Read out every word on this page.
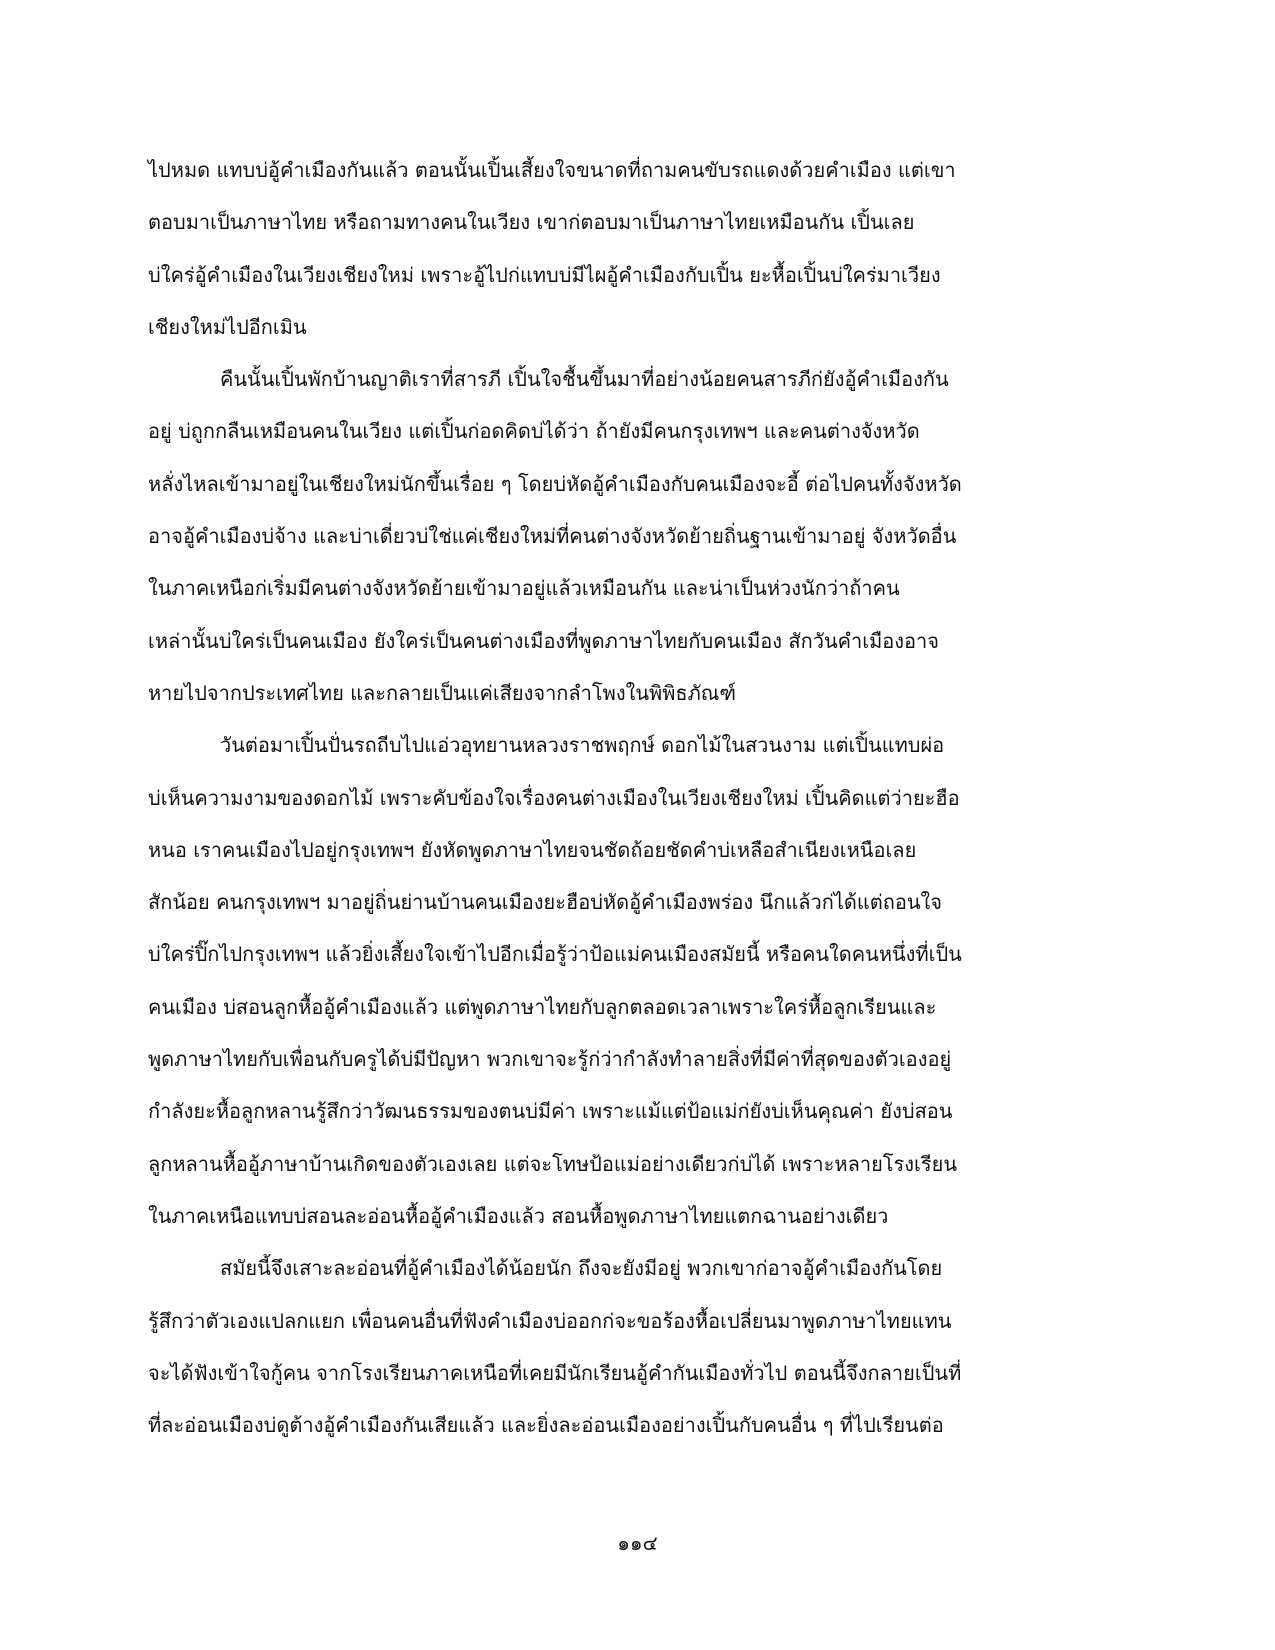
ไปหมด แทบบ่อู้คำเมืองกันแล้ว ตอนนั้นเปิ้นเสี้ยงใจขนาดที่ถามคนขับรถแดงด้วยคำเมือง แต่เขา
ตอบมาเป็นภาษาไทย หรือถามทางคนในเวียง เขาก่ตอบมาเป็นภาษาไทยเหมือนกัน เปิ้นเลย
บ่ใคร่อู้คำเมืองในเวียงเชียงใหม่ เพราะอู้ไปก่แทบบ่มีไผอู้คำเมืองกับเปิ้น ยะหื้อเปิ้นบ่ใคร่มาเวียง
เชียงใหม่ไปอีกเมิน
คืนนั้นเปิ้นพักบ้านญาติเราที่สารภี เปิ้นใจชื้นขึ้นมาที่อย่างน้อยคนสารภีก่ยังอู้คำเมืองกัน
อยู่ บ่ถูกกลืนเหมือนคนในเวียง แต่เปิ้นก่อดคิดบ่ได้ว่า ถ้ายังมีคนกรุงเทพฯ และคนต่างจังหวัด
หลั่งไหลเข้ามาอยู่ในเชียงใหม่นักขึ้นเรื่อย ๆ โดยบ่หัดอู้คำเมืองกับคนเมืองจะอี้ ต่อไปคนทั้งจังหวัด
อาจอู้คำเมืองบ่จ้าง และบ่าเดี่ยวบ่ใช่แค่เชียงใหม่ที่คนต่างจังหวัดย้ายถิ่นฐานเข้ามาอยู่ จังหวัดอื่น
ในภาคเหนือก่เริ่มมีคนต่างจังหวัดย้ายเข้ามาอยู่แล้วเหมือนกัน และน่าเป็นห่วงนักว่าถ้าคน
เหล่านั้นบ่ใคร่เป็นคนเมือง ยังใคร่เป็นคนต่างเมืองที่พูดภาษาไทยกับคนเมือง สักวันคำเมืองอาจ
หายไปจากประเทศไทย และกลายเป็นแค่เสียงจากลำโพงในพิพิธภัณฑ์
วันต่อมาเปิ้นปั่นรถถีบไปแอ่วอุทยานหลวงราชพฤกษ์ ดอกไม้ในสวนงาม แต่เปิ้นแทบผ่อ
บ่เห็นความงามของดอกไม้ เพราะคับข้องใจเรื่องคนต่างเมืองในเวียงเชียงใหม่ เปิ้นคิดแต่ว่ายะฮือ
หนอ เราคนเมืองไปอยู่กรุงเทพฯ ยังหัดพูดภาษาไทยจนชัดถ้อยชัดคำบ่เหลือสำเนียงเหนือเลย
สักน้อย คนกรุงเทพฯ มาอยู่ถิ่นย่านบ้านคนเมืองยะฮือบ่หัดอู้คำเมืองพร่อง นึกแล้วก่ได้แต่ถอนใจ
บ่ใคร่ปิ๊กไปกรุงเทพฯ แล้วยิ่งเสี้ยงใจเข้าไปอีกเมื่อรู้ว่าป้อแม่คนเมืองสมัยนี้ หรือคนใดคนหนึ่งที่เป็น
คนเมือง บ่สอนลูกหื้ออู้คำเมืองแล้ว แต่พูดภาษาไทยกับลูกตลอดเวลาเพราะใคร่หื้อลูกเรียนและ
พูดภาษาไทยกับเพื่อนกับครูได้บ่มีปัญหา พวกเขาจะรู้ก่ว่ากำลังทำลายสิ่งที่มีค่าที่สุดของตัวเองอยู่
กำลังยะหื้อลูกหลานรู้สึกว่าวัฒนธรรมของตนบ่มีค่า เพราะแม้แต่ป้อแม่ก่ยังบ่เห็นคุณค่า ยังบ่สอน
ลูกหลานหื้ออู้ภาษาบ้านเกิดของตัวเองเลย แต่จะโทษป้อแม่อย่างเดียวก่บ่ได้ เพราะหลายโรงเรียน
ในภาคเหนือแทบบ่สอนละอ่อนหื้ออู้คำเมืองแล้ว สอนหื้อพูดภาษาไทยแตกฉานอย่างเดียว
สมัยนี้จึงเสาะละอ่อนที่อู้คำเมืองได้น้อยนัก ถึงจะยังมีอยู่ พวกเขาก่อาจอู้คำเมืองกันโดย
รู้สึกว่าตัวเองแปลกแยก เพื่อนคนอื่นที่ฟังคำเมืองบ่ออกก่จะขอร้องหื้อเปลี่ยนมาพูดภาษาไทยแทน
จะได้ฟังเข้าใจกู้คน จากโรงเรียนภาคเหนือที่เคยมีนักเรียนอู้คำกันเมืองทั่วไป ตอนนี้จึงกลายเป็นที่
ที่ละอ่อนเมืองบ่ดูต้างอู้คำเมืองกันเสียแล้ว และยิ่งละอ่อนเมืองอย่างเปิ้นกับคนอื่น ๆ ที่ไปเรียนต่อ
๑๑๔
